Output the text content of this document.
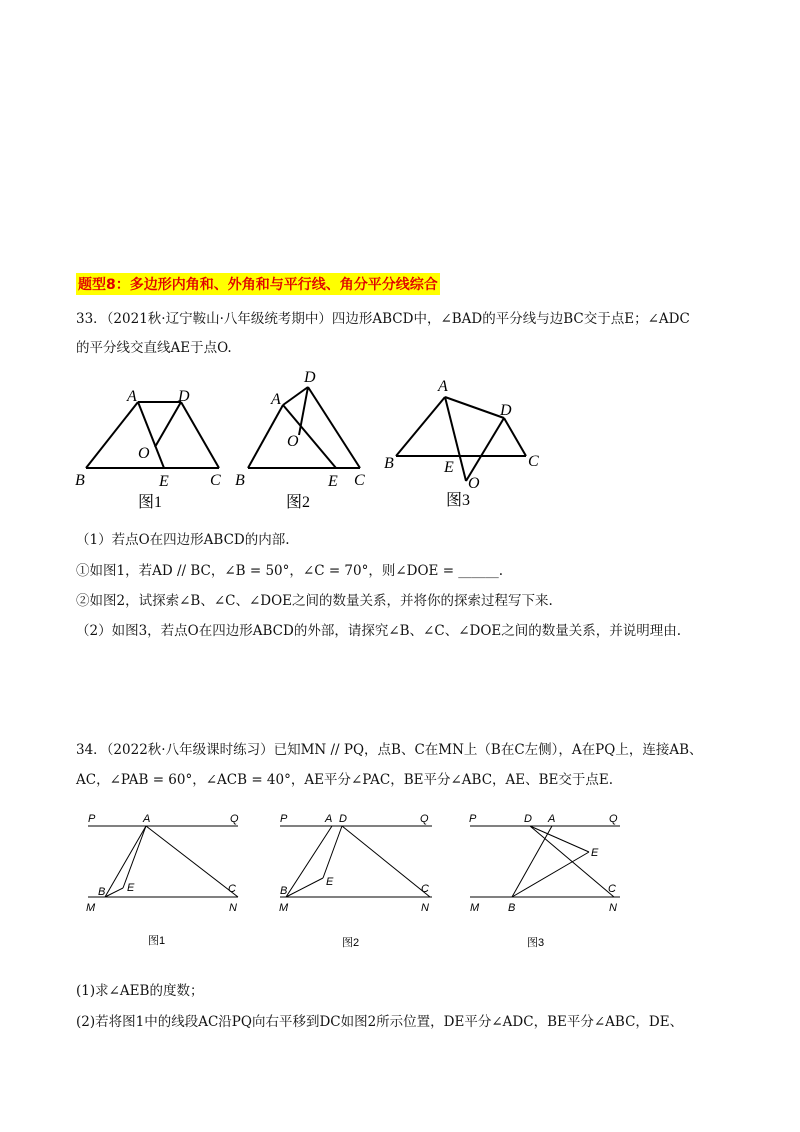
题型8：多边形内角和、外角和与平行线、角分平分线综合
33．（2021秋·辽宁鞍山·八年级统考期中）四边形ABCD中，∠BAD的平分线与边BC交于点E；∠ADC
的平分线交直线AE于点O.
A	D
O
B	E	C
图1
D
A
O
B	E C
图2
A
D
B	E	C
O
图3
（1）若点O在四边形ABCD的内部.
①如图1，若AD // BC，∠B = 50°，∠C = 70°，则∠DOE = ______.
②如图2，试探索∠B、∠C、∠DOE之间的数量关系，并将你的探索过程写下来.
（2）如图3，若点O在四边形ABCD的外部，请探究∠B、∠C、∠DOE之间的数量关系，并说明理由.
34．（2022秋·八年级课时练习）已知MN // PQ，点B、C在MN上（B在C左侧），A在PQ上，连接AB、
AC，∠PAB = 60°，∠ACB = 40°，AE平分∠PAC，BE平分∠ABC，AE、BE交于点E.
P	A	Q
B E	C
M	N
图1
P	A D	Q
B
E
C
M	N
图2
P	D A	Q
E
C
M	B	N
图3
(1)求∠AEB的度数；
(2)若将图1中的线段AC沿PQ向右平移到DC如图2所示位置，DE平分∠ADC，BE平分∠ABC，DE、
